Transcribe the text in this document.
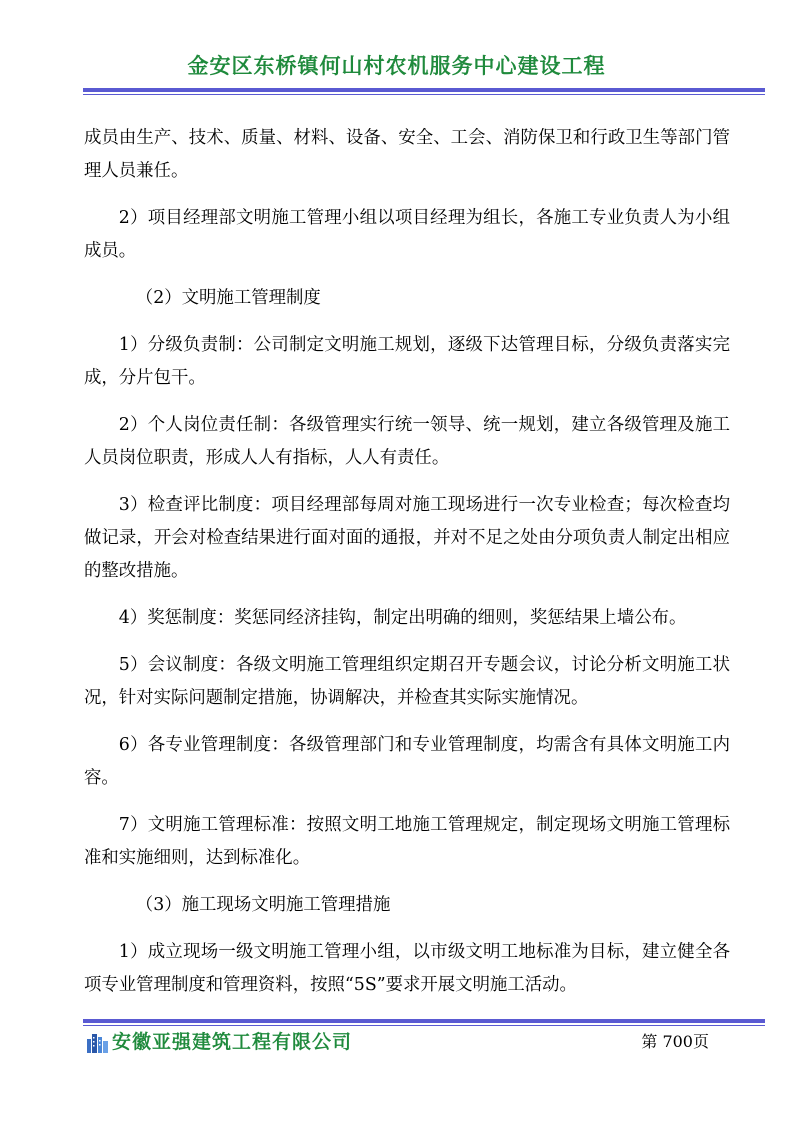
金安区东桥镇何山村农机服务中心建设工程

成员由生产、技术、质量、材料、设备、安全、工会、消防保卫和行政卫生等部门管理人员兼任。

2）项目经理部文明施工管理小组以项目经理为组长，各施工专业负责人为小组成员。

（2）文明施工管理制度

1）分级负责制：公司制定文明施工规划，逐级下达管理目标，分级负责落实完成，分片包干。

2）个人岗位责任制：各级管理实行统一领导、统一规划，建立各级管理及施工人员岗位职责，形成人人有指标，人人有责任。

3）检查评比制度：项目经理部每周对施工现场进行一次专业检查；每次检查均做记录，开会对检查结果进行面对面的通报，并对不足之处由分项负责人制定出相应的整改措施。

4）奖惩制度：奖惩同经济挂钩，制定出明确的细则，奖惩结果上墙公布。

5）会议制度：各级文明施工管理组织定期召开专题会议，讨论分析文明施工状况，针对实际问题制定措施，协调解决，并检查其实际实施情况。

6）各专业管理制度：各级管理部门和专业管理制度，均需含有具体文明施工内容。

7）文明施工管理标准：按照文明工地施工管理规定，制定现场文明施工管理标准和实施细则，达到标准化。

（3）施工现场文明施工管理措施

1）成立现场一级文明施工管理小组，以市级文明工地标准为目标，建立健全各项专业管理制度和管理资料，按照“5S”要求开展文明施工活动。

安徽亚强建筑工程有限公司	第 700页
